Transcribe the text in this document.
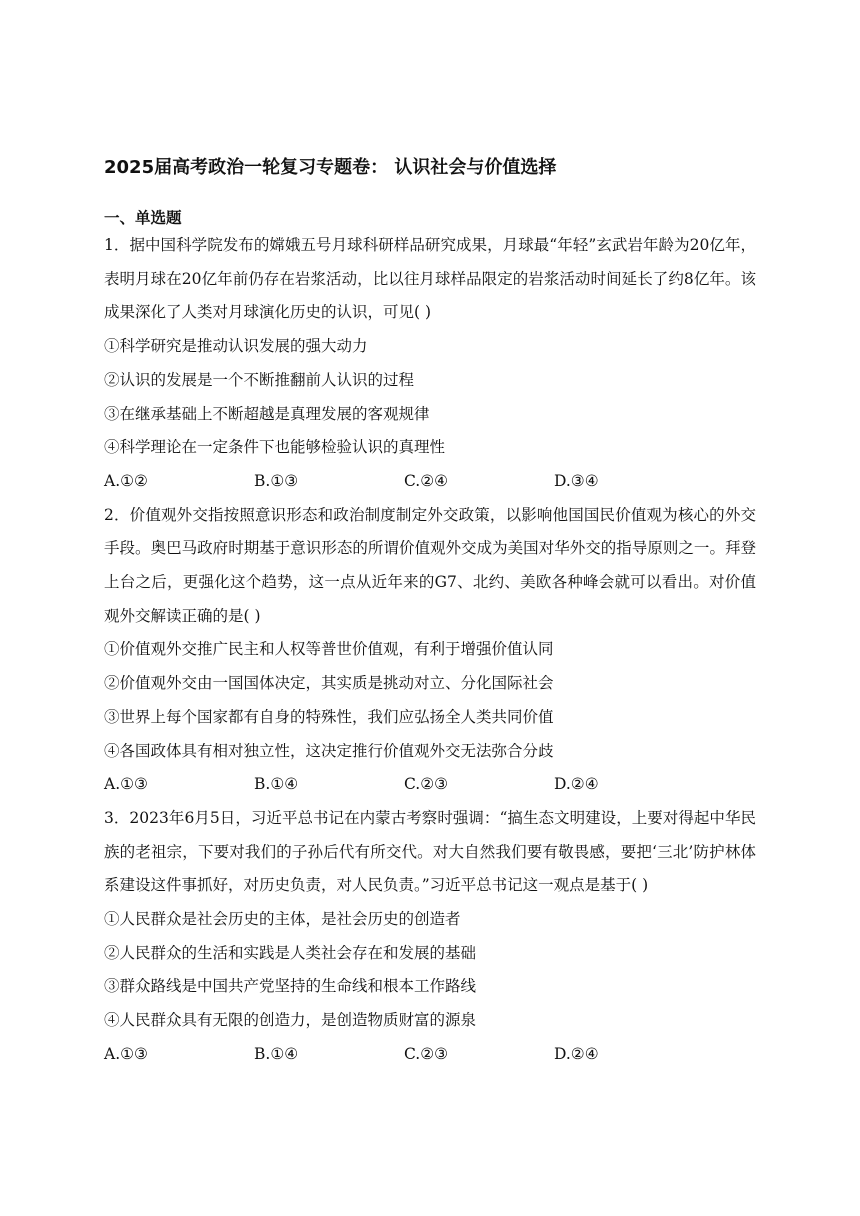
2025届高考政治一轮复习专题卷： 认识社会与价值选择
一、单选题
1．据中国科学院发布的嫦娥五号月球科研样品研究成果，月球最“年轻”玄武岩年龄为20亿年，表明月球在20亿年前仍存在岩浆活动，比以往月球样品限定的岩浆活动时间延长了约8亿年。该成果深化了人类对月球演化历史的认识，可见( )
①科学研究是推动认识发展的强大动力
②认识的发展是一个不断推翻前人认识的过程
③在继承基础上不断超越是真理发展的客观规律
④科学理论在一定条件下也能够检验认识的真理性
A.①②	B.①③	C.②④	D.③④
2．价值观外交指按照意识形态和政治制度制定外交政策，以影响他国国民价值观为核心的外交手段。奥巴马政府时期基于意识形态的所谓价值观外交成为美国对华外交的指导原则之一。拜登上台之后，更强化这个趋势，这一点从近年来的G7、北约、美欧各种峰会就可以看出。对价值观外交解读正确的是( )
①价值观外交推广民主和人权等普世价值观，有利于增强价值认同
②价值观外交由一国国体决定，其实质是挑动对立、分化国际社会
③世界上每个国家都有自身的特殊性，我们应弘扬全人类共同价值
④各国政体具有相对独立性，这决定推行价值观外交无法弥合分歧
A.①③	B.①④	C.②③	D.②④
3．2023年6月5日，习近平总书记在内蒙古考察时强调：“搞生态文明建设，上要对得起中华民族的老祖宗，下要对我们的子孙后代有所交代。对大自然我们要有敬畏感，要把‘三北’防护林体系建设这件事抓好，对历史负责，对人民负责。”习近平总书记这一观点是基于( )
①人民群众是社会历史的主体，是社会历史的创造者
②人民群众的生活和实践是人类社会存在和发展的基础
③群众路线是中国共产党坚持的生命线和根本工作路线
④人民群众具有无限的创造力，是创造物质财富的源泉
A.①③	B.①④	C.②③	D.②④
